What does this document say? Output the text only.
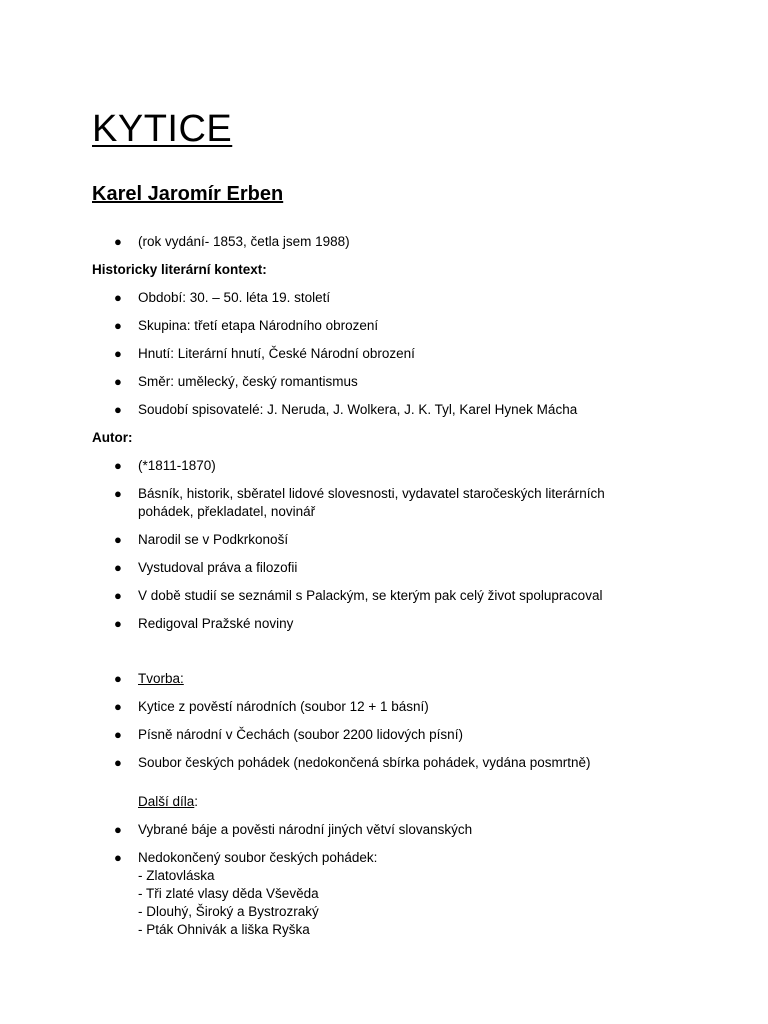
KYTICE
Karel Jaromír Erben
● (rok vydání- 1853, četla jsem 1988)
Historicky literární kontext:
● Období: 30. – 50. léta 19. století
● Skupina: třetí etapa Národního obrození
● Hnutí: Literární hnutí, České Národní obrození
● Směr: umělecký, český romantismus
● Soudobí spisovatelé: J. Neruda, J. Wolkera, J. K. Tyl, Karel Hynek Mácha
Autor:
● (*1811-1870)
● Básník, historik, sběratel lidové slovesnosti, vydavatel staročeských literárních pohádek, překladatel, novinář
● Narodil se v Podkrkonoší
● Vystudoval práva a filozofii
● V době studií se seznámil s Palackým, se kterým pak celý život spolupracoval
● Redigoval Pražské noviny
● Tvorba:
● Kytice z pověstí národních (soubor 12 + 1 básní)
● Písně národní v Čechách (soubor 2200 lidových písní)
● Soubor českých pohádek (nedokončená sbírka pohádek, vydána posmrtně)
Další díla:
● Vybrané báje a pověsti národní jiných větví slovanských
● Nedokončený soubor českých pohádek:
- Zlatovláska
- Tři zlaté vlasy děda Vševěda
- Dlouhý, Široký a Bystrozraký
- Pták Ohnivák a liška Ryška
